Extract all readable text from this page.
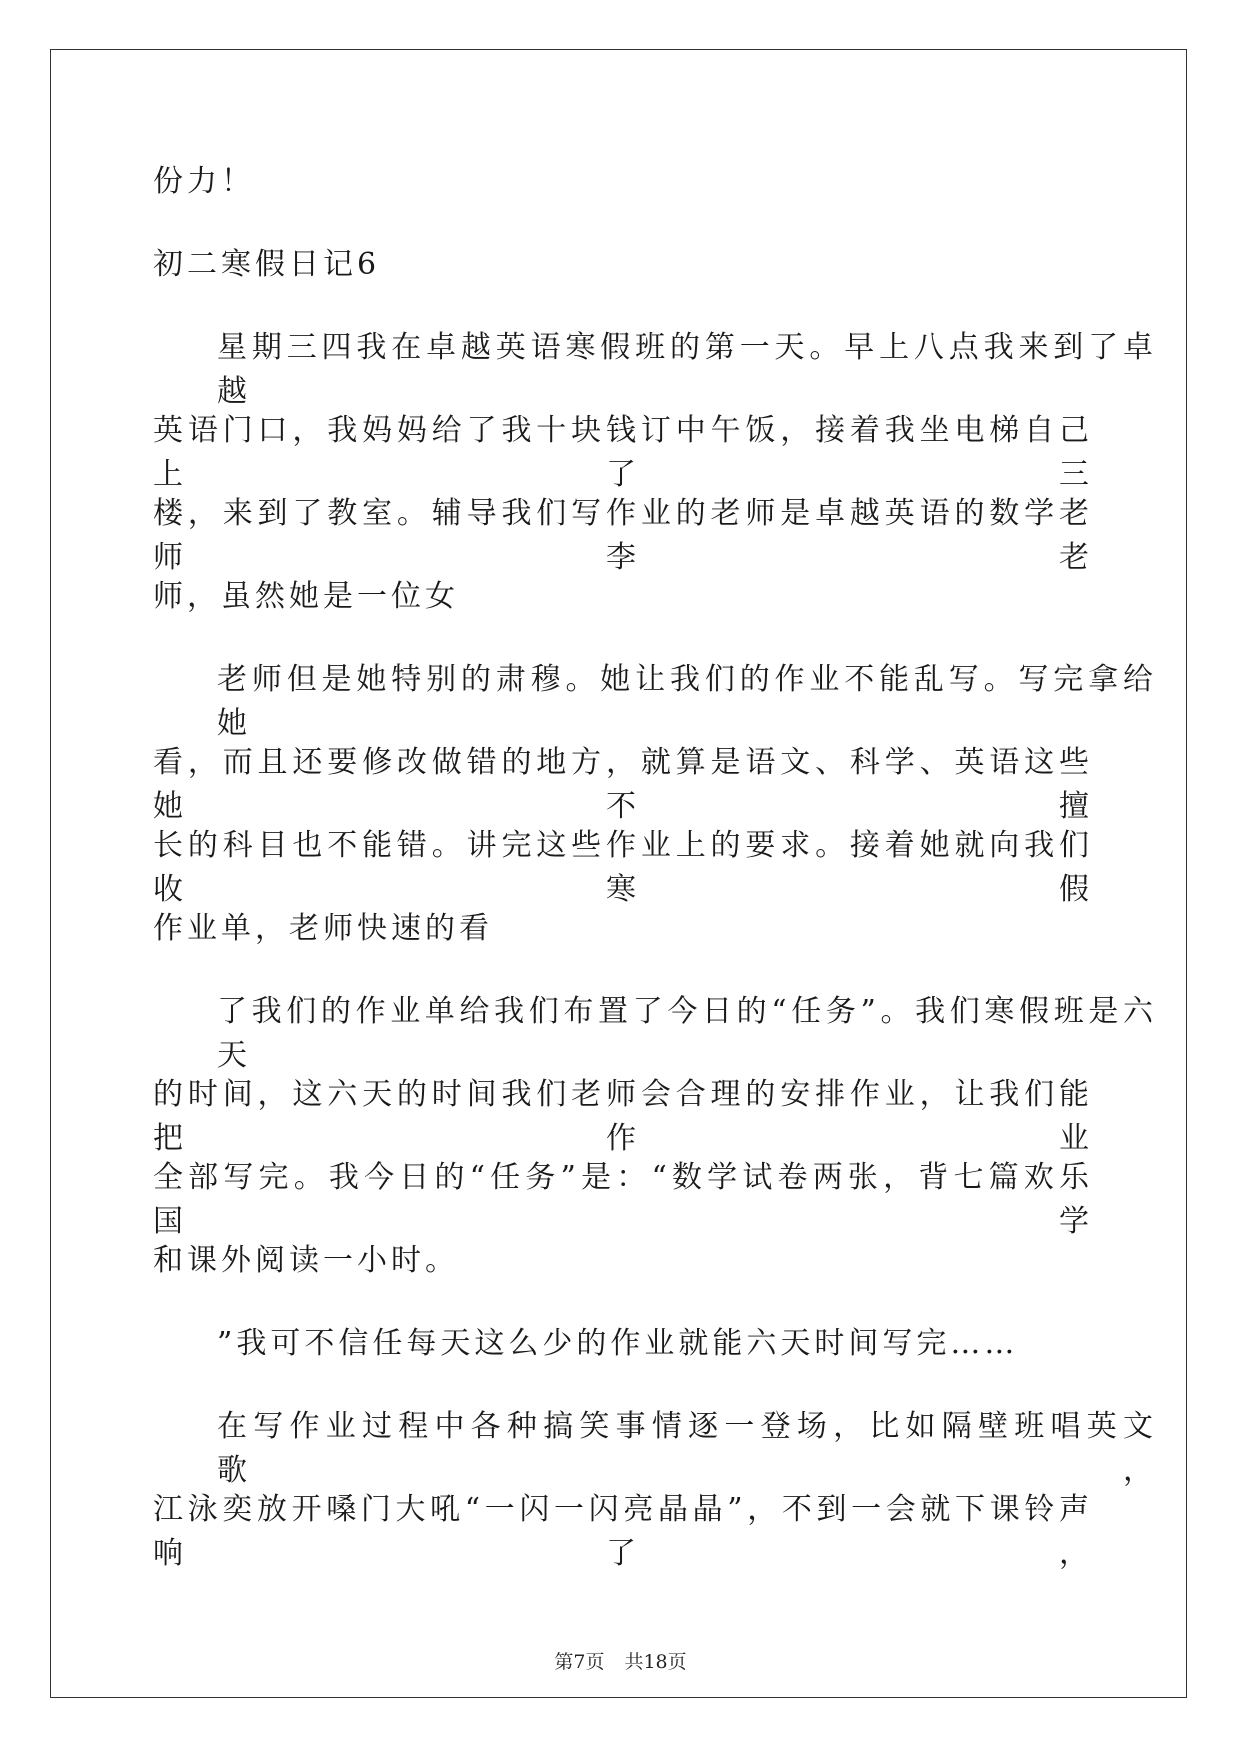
份力！
初二寒假日记6
星期三四我在卓越英语寒假班的第一天。早上八点我来到了卓越
英语门口，我妈妈给了我十块钱订中午饭，接着我坐电梯自己上了三
楼，来到了教室。辅导我们写作业的老师是卓越英语的数学老师李老
师，虽然她是一位女
老师但是她特别的肃穆。她让我们的作业不能乱写。写完拿给她
看，而且还要修改做错的地方，就算是语文、科学、英语这些她不擅
长的科目也不能错。讲完这些作业上的要求。接着她就向我们收寒假
作业单，老师快速的看
了我们的作业单给我们布置了今日的“任务”。我们寒假班是六天
的时间，这六天的时间我们老师会合理的安排作业，让我们能把作业
全部写完。我今日的“任务”是：“数学试卷两张，背七篇欢乐国学
和课外阅读一小时。
”我可不信任每天这么少的作业就能六天时间写完……
在写作业过程中各种搞笑事情逐一登场，比如隔壁班唱英文歌，
江泳奕放开嗓门大吼“一闪一闪亮晶晶”，不到一会就下课铃声响了，
第7页 共18页
